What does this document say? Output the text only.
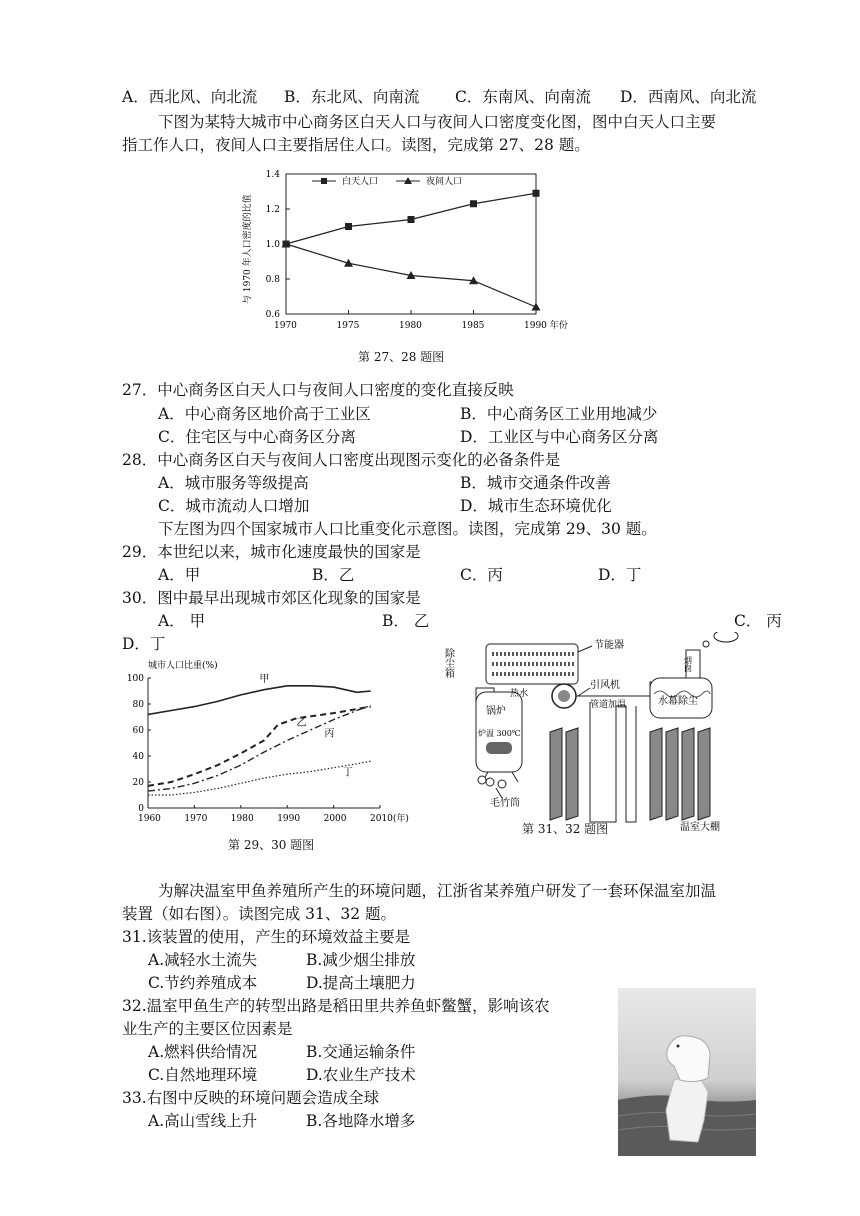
A．西北风、向北流 B．东北风、向南流 C．东南风、向南流 D．西南风、向北流
下图为某特大城市中心商务区白天人口与夜间人口密度变化图，图中白天人口主要
指工作人口，夜间人口主要指居住人口。读图，完成第 27、28 题。
0.6
0.8
1.0
1.2
1.4
1970	1975	1980	1985	1990 年份
与 1970 年人口密度的比值
白天人口	夜间人口
第 27、28 题图
27．中心商务区白天人口与夜间人口密度的变化直接反映
A．中心商务区地价高于工业区	B．中心商务区工业用地减少
C．住宅区与中心商务区分离	D．工业区与中心商务区分离
28．中心商务区白天与夜间人口密度出现图示变化的必备条件是
A．城市服务等级提高	B．城市交通条件改善
C．城市流动人口增加	D．城市生态环境优化
下左图为四个国家城市人口比重变化示意图。读图，完成第 29、30 题。
29．本世纪以来，城市化速度最快的国家是
A．甲	B．乙	C．丙	D．丁
30．图中最早出现城市郊区化现象的国家是
A． 甲	B． 乙	C． 丙
D．丁
城市人口比重(%)
0
20
40
60
80
100
1960	1970	1980	1990	2000	2010(年)
甲
乙
丙
丁
第 29、30 题图
除尘箱
节能器
锅炉
炉温 300℃
毛竹筒
热水
引风机
管道加温	水幕除尘
烟囱
温室大棚
第 31、32 题图
为解决温室甲鱼养殖所产生的环境问题，江浙省某养殖户研发了一套环保温室加温
装置（如右图）。读图完成 31、32 题。
31.该装置的使用，产生的环境效益主要是
A.减轻水土流失	B.减少烟尘排放
C.节约养殖成本	D.提高土壤肥力
32.温室甲鱼生产的转型出路是稻田里共养鱼虾鳖蟹，影响该农
业生产的主要区位因素是
A.燃料供给情况	B.交通运输条件
C.自然地理环境	D.农业生产技术
33.右图中反映的环境问题会造成全球
A.高山雪线上升	B.各地降水增多
